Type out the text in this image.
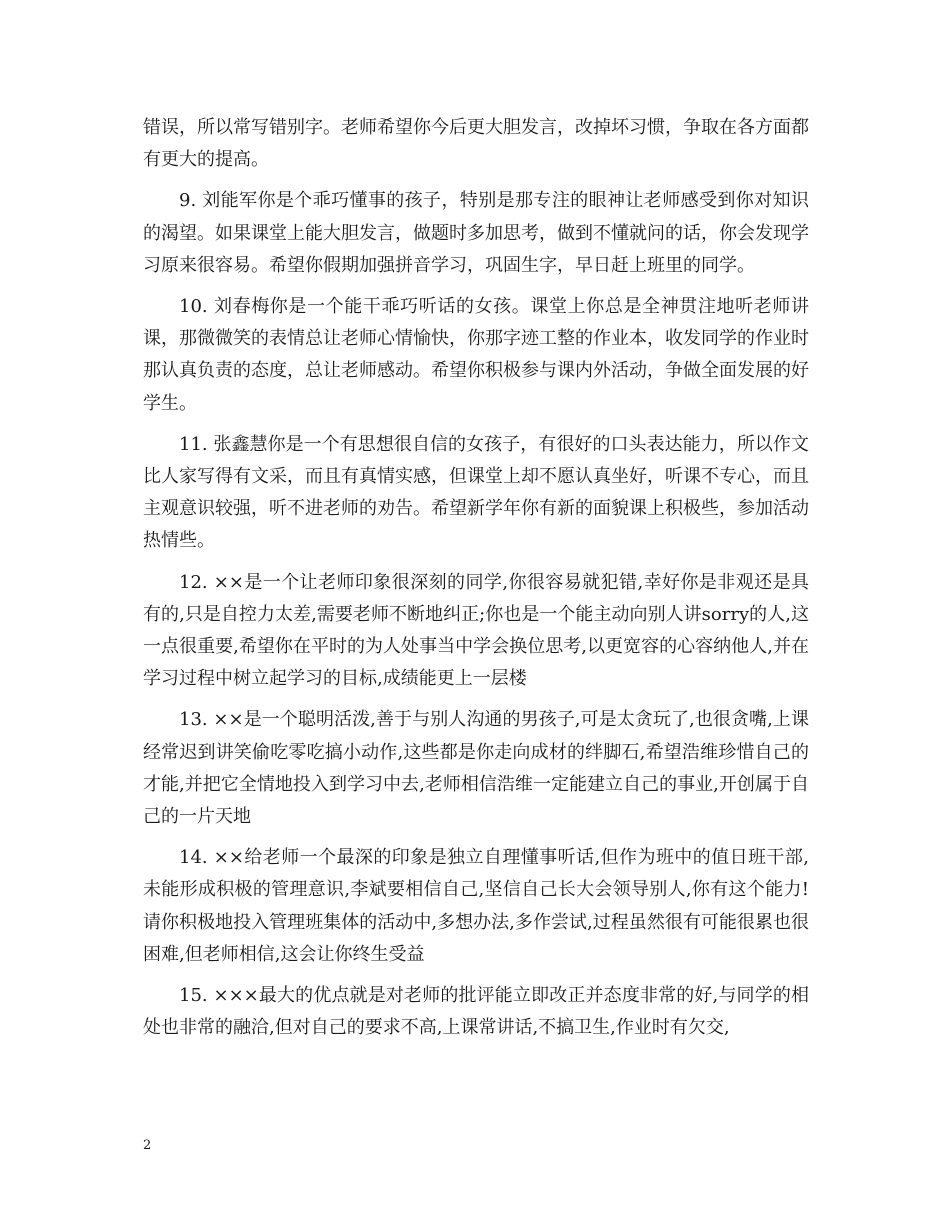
错误，所以常写错别字。老师希望你今后更大胆发言，改掉坏习惯，争取在各方面都有更大的提高。

9. 刘能军你是个乖巧懂事的孩子，特别是那专注的眼神让老师感受到你对知识的渴望。如果课堂上能大胆发言，做题时多加思考，做到不懂就问的话，你会发现学习原来很容易。希望你假期加强拼音学习，巩固生字，早日赶上班里的同学。

10. 刘春梅你是一个能干乖巧听话的女孩。课堂上你总是全神贯注地听老师讲课，那微微笑的表情总让老师心情愉快，你那字迹工整的作业本，收发同学的作业时那认真负责的态度，总让老师感动。希望你积极参与课内外活动，争做全面发展的好学生。

11. 张鑫慧你是一个有思想很自信的女孩子，有很好的口头表达能力，所以作文比人家写得有文采，而且有真情实感，但课堂上却不愿认真坐好，听课不专心，而且主观意识较强，听不进老师的劝告。希望新学年你有新的面貌课上积极些，参加活动热情些。

12. ××是一个让老师印象很深刻的同学,你很容易就犯错,幸好你是非观还是具有的,只是自控力太差,需要老师不断地纠正;你也是一个能主动向别人讲sorry的人,这一点很重要,希望你在平时的为人处事当中学会换位思考,以更宽容的心容纳他人,并在学习过程中树立起学习的目标,成绩能更上一层楼

13. ××是一个聪明活泼,善于与别人沟通的男孩子,可是太贪玩了,也很贪嘴,上课经常迟到讲笑偷吃零吃搞小动作,这些都是你走向成材的绊脚石,希望浩维珍惜自己的才能,并把它全情地投入到学习中去,老师相信浩维一定能建立自己的事业,开创属于自己的一片天地

14. ××给老师一个最深的印象是独立自理懂事听话,但作为班中的值日班干部,未能形成积极的管理意识,李斌要相信自己,坚信自己长大会领导别人,你有这个能力!请你积极地投入管理班集体的活动中,多想办法,多作尝试,过程虽然很有可能很累也很困难,但老师相信,这会让你终生受益

15. ×××最大的优点就是对老师的批评能立即改正并态度非常的好,与同学的相处也非常的融洽,但对自己的要求不高,上课常讲话,不搞卫生,作业时有欠交,

2
